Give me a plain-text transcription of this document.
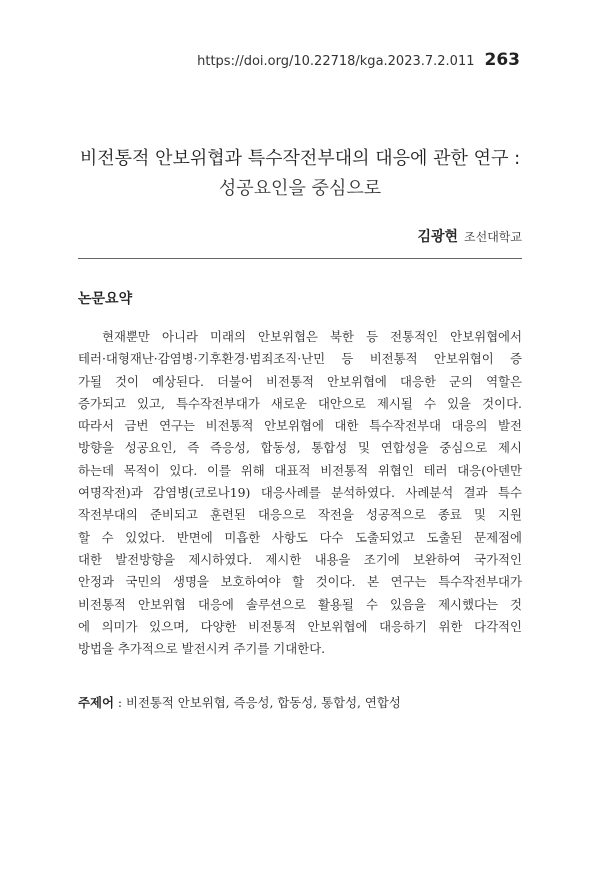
https://doi.org/10.22718/kga.2023.7.2.011 263
비전통적 안보위협과 특수작전부대의 대응에 관한 연구 :
성공요인을 중심으로
김광현 조선대학교
논문요약
현재뿐만 아니라 미래의 안보위협은 북한 등 전통적인 안보위협에서
테러·대형재난·감염병·기후환경·범죄조직·난민 등 비전통적 안보위협이 증
가될 것이 예상된다. 더불어 비전통적 안보위협에 대응한 군의 역할은
증가되고 있고, 특수작전부대가 새로운 대안으로 제시될 수 있을 것이다.
따라서 금번 연구는 비전통적 안보위협에 대한 특수작전부대 대응의 발전
방향을 성공요인, 즉 즉응성, 합동성, 통합성 및 연합성을 중심으로 제시
하는데 목적이 있다. 이를 위해 대표적 비전통적 위협인 테러 대응(아덴만
여명작전)과 감염병(코로나19) 대응사례를 분석하였다. 사례분석 결과 특수
작전부대의 준비되고 훈련된 대응으로 작전을 성공적으로 종료 및 지원
할 수 있었다. 반면에 미흡한 사항도 다수 도출되었고 도출된 문제점에
대한 발전방향을 제시하였다. 제시한 내용을 조기에 보완하여 국가적인
안정과 국민의 생명을 보호하여야 할 것이다. 본 연구는 특수작전부대가
비전통적 안보위협 대응에 솔루션으로 활용될 수 있음을 제시했다는 것
에 의미가 있으며, 다양한 비전통적 안보위협에 대응하기 위한 다각적인
방법을 추가적으로 발전시켜 주기를 기대한다.
주제어 : 비전통적 안보위협, 즉응성, 합동성, 통합성, 연합성
